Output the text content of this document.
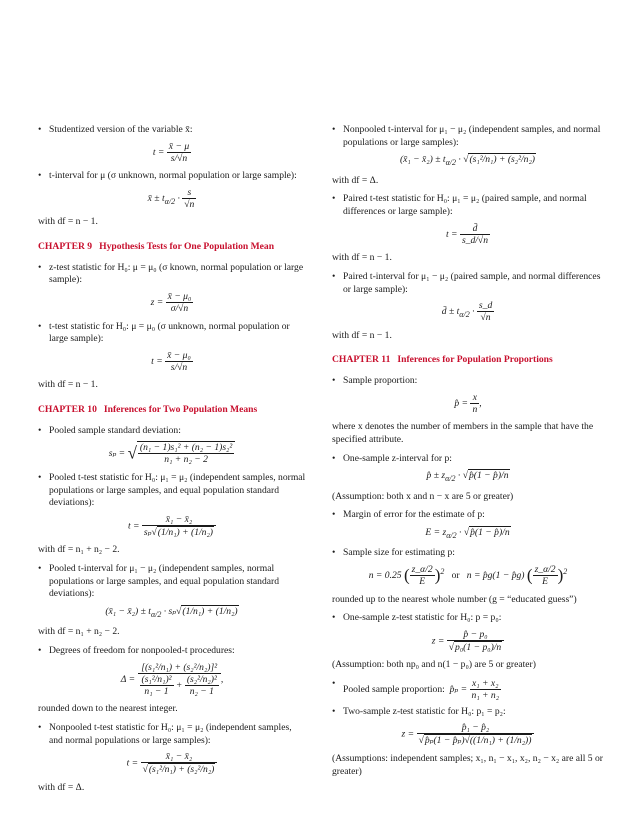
• Studentized version of the variable x̄:
$t = \frac{x̄ - \mu}{s/√n}$
• t-interval for μ (σ unknown, normal population or large sample):
x̄ ± $t_{\alpha/2} \cdot \frac{s}{√n}$
with df = n − 1.
CHAPTER 9 Hypothesis Tests for One Population Mean
• z-test statistic for H₀: μ = μ₀ (σ known, normal population or large sample):
$z = \frac{\text{x̄ − μ₀}}{\sigma/√n}$
• t-test statistic for H₀: μ = μ₀ (σ unknown, normal population or large sample):
$t = \frac{\text{x̄ − μ₀}}{s/√n}$
with df = n − 1.
CHAPTER 10 Inferences for Two Population Means
• Pooled sample standard deviation:
sₚ = √ $\frac{\text{(n₁ − 1)s₁² + (n₂ − 1)s₂²}}{\text{n₁ + n₂ − 2}}$
• Pooled t-test statistic for H₀: μ₁ = μ₂ (independent samples, normal populations or large samples, and equal population standard deviations):
$t = \frac{\text{x̄₁ − x̄₂}}{\text{sₚ√(1/n₁) + (1/n₂)}}$
with df = n₁ + n₂ − 2.
• Pooled t-interval for μ₁ − μ₂ (independent samples, normal populations or large samples, and equal population standard deviations):
(x̄₁ − x̄₂) ± $t_{\alpha/2} \cdot s_p√(1/n_1) + (1/n_2)$
with df = n₁ + n₂ − 2.
• Degrees of freedom for nonpooled-t procedures:
$\Delta = \frac{\text{[(s₁²/n₁) + (s₂²/n₂)]²}}{\frac{\text{(s₁²/n₁)²}}{\text{n₁ − 1}} + \frac{\text{(s₂²/n₂)²}}{\text{n₂ − 1}}}$ ,
rounded down to the nearest integer.
• Nonpooled t-test statistic for H₀: μ₁ = μ₂ (independent samples, and normal populations or large samples):
$t = \frac{\text{x̄₁ − x̄₂}}{\text{√(s₁²/n₁) + (s₂²/n₂)}}$
with df = Δ.
• Nonpooled t-interval for μ₁ − μ₂ (independent samples, and normal populations or large samples):
(x̄₁ − x̄₂) ± $t_{\alpha/2} \cdot √(s_1^2/n_1) + (s_2^2/n_2)$
with df = Δ.
• Paired t-test statistic for H₀: μ₁ = μ₂ (paired sample, and normal differences or large sample):
$t = \frac{d̄}{s\_d/√n}$
with df = n − 1.
• Paired t-interval for μ₁ − μ₂ (paired sample, and normal differences or large sample):
d̄ ± $t_{\alpha/2} \cdot \frac{s\_d}{√n}$
with df = n − 1.
CHAPTER 11 Inferences for Population Proportions
• Sample proportion:
p̂ = $\frac{x}{n}$ ,
where x denotes the number of members in the sample that have the specified attribute.
• One-sample z-interval for p:
p̂ ± $z_{\alpha/2}$ · √p̂(1 − p̂)/n
(Assumption: both x and n − x are 5 or greater)
• Margin of error for the estimate of p:
$E = z_{\alpha/2}$ · √p̂(1 − p̂)/n
• Sample size for estimating p:
n = 0.25 ( $\frac{z\_\alpha/2}{E} )^2$ or n = p̂g(1 − p̂g) ( $\frac{z\_\alpha/2}{E} )^2$
rounded up to the nearest whole number (g = “educated guess”)
• One-sample z-test statistic for H₀: p = p₀:
$z = \frac{\text{p̂ − p₀}}{\text{√p₀(1 − p₀)/n}}$
(Assumption: both np₀ and n(1 − p₀) are 5 or greater)
•
Pooled sample proportion: p̂ₚ = $\frac{\text{x₁ + x₂}}{\text{n₁ + n₂}}$
• Two-sample z-test statistic for H₀: p₁ = p₂:
$z = \frac{\text{p̂₁ − p̂₂}}{\text{√p̂ₚ(1 − p̂ₚ)√((1/n₁) + (1/n₂))}}$
(Assumptions: independent samples; x₁, n₁ − x₁, x₂, n₂ − x₂ are all 5 or greater)
